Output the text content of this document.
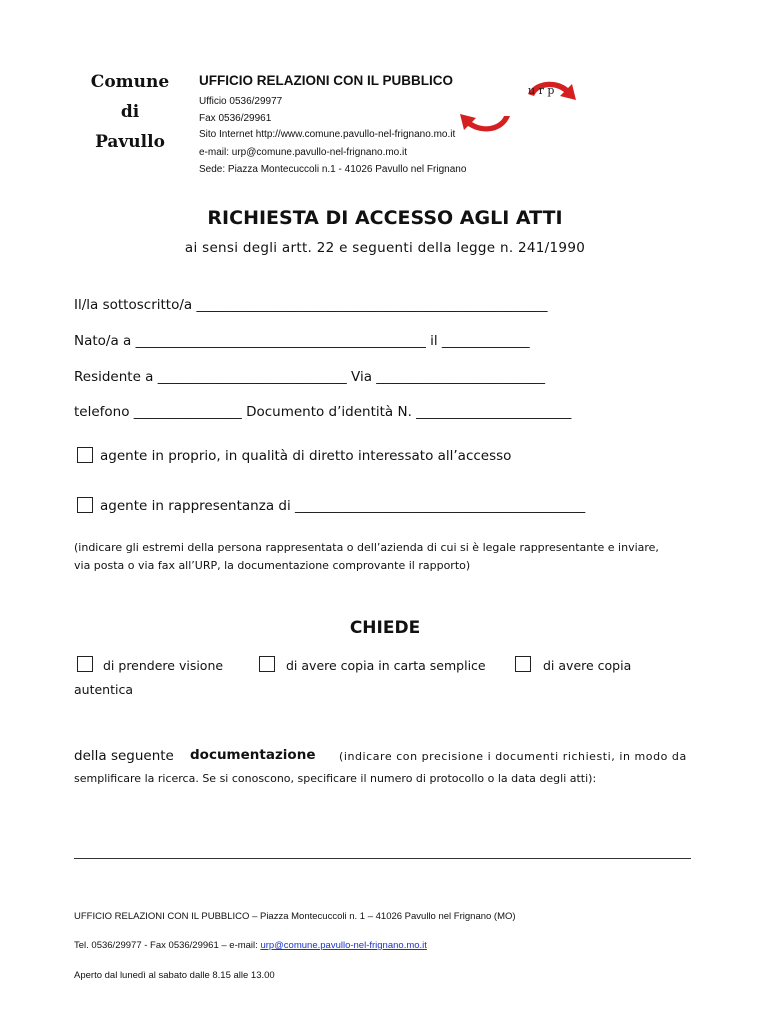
Comune
di
Pavullo
UFFICIO RELAZIONI CON IL PUBBLICO
Ufficio 0536/29977
Fax 0536/29961
Sito Internet http://www.comune.pavullo-nel-frignano.mo.it
e-mail: urp@comune.pavullo-nel-frignano.mo.it
Sede: Piazza Montecuccoli n.1 - 41026 Pavullo nel Frignano
u r p
RICHIESTA DI ACCESSO AGLI ATTI
ai sensi degli artt. 22 e seguenti della legge n. 241/1990
Il/la sottoscritto/a ____________________________________________________
Nato/a a ___________________________________________ il _____________
Residente a ____________________________ Via _________________________
telefono ________________ Documento d’identità N. _______________________
agente in proprio, in qualità di diretto interessato all’accesso
agente in rappresentanza di ___________________________________________
(indicare gli estremi della persona rappresentata o dell’azienda di cui si è legale rappresentante e inviare,
via posta o via fax all’URP, la documentazione comprovante il rapporto)
CHIEDE
di prendere visione	di avere copia in carta semplice	di avere copia
autentica
della seguente documentazione (indicare con precisione i documenti richiesti, in modo da
semplificare la ricerca. Se si conoscono, specificare il numero di protocollo o la data degli atti):
UFFICIO RELAZIONI CON IL PUBBLICO – Piazza Montecuccoli n. 1 – 41026 Pavullo nel Frignano (MO)
Tel. 0536/29977 - Fax 0536/29961 – e-mail: urp@comune.pavullo-nel-frignano.mo.it
Aperto dal lunedì al sabato dalle 8.15 alle 13.00
